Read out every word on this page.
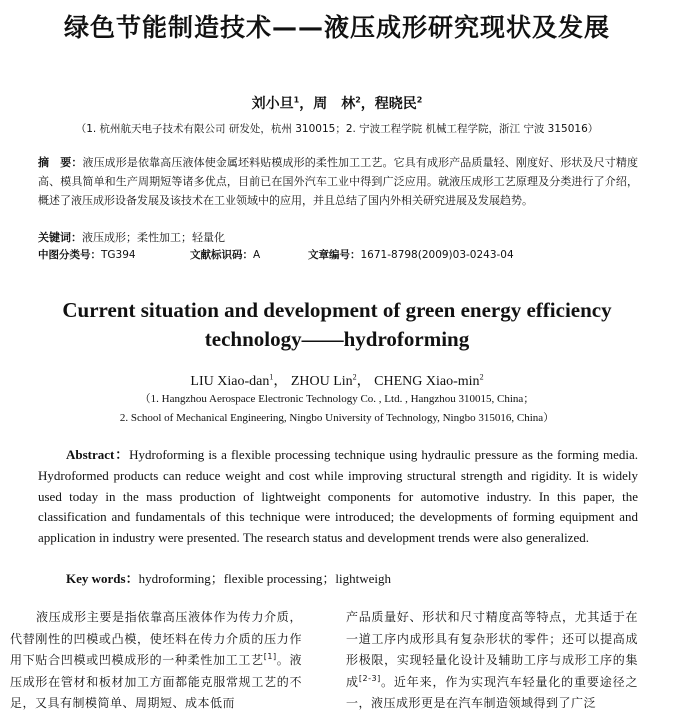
绿色节能制造技术——液压成形研究现状及发展
刘小旦$^1$，周　林$^2$，程晓民$^2$
（1. 杭州航天电子技术有限公司 研发处，杭州 310015；2. 宁波工程学院 机械工程学院，浙江 宁波 315016）
摘　要：液压成形是依靠高压液体使金属坯料贴模成形的柔性加工工艺。它具有成形产品质量轻、刚度好、形状及尺寸精度高、模具简单和生产周期短等诸多优点，目前已在国外汽车工业中得到广泛应用。就液压成形工艺原理及分类进行了介绍，概述了液压成形设备发展及该技术在工业领域中的应用，并且总结了国内外相关研究进展及发展趋势。
关键词：液压成形；柔性加工；轻量化
中图分类号：TG394	文献标识码：A	文章编号：1671-8798(2009)03-0243-04
Current situation and development of green energy efficiency
technology——hydroforming
LIU Xiao-dan$^1$， ZHOU Lin$^2$， CHENG Xiao-$\min^2$
（1. Hangzhou Aerospace Electronic Technology Co. , Ltd. , Hangzhou 310015, China；
2. School of Mechanical Engineering, Ningbo University of Technology, Ningbo 315016, China）
Abstract：Hydroforming is a flexible processing technique using hydraulic pressure as the forming media. Hydroformed products can reduce weight and cost while improving structural strength and rigidity. It is widely used today in the mass production of lightweight components for automotive industry. In this paper, the classification and fundamentals of this technique were introduced; the developments of forming equipment and application in industry were presented. The research status and development trends were also generalized.
Key words：hydroforming；flexible processing；lightweigh
液压成形主要是指依靠高压液体作为传力介质，代替刚性的凹模或凸模，使坯料在传力介质的压力作用下贴合凹模或凹模成形的一种柔性加工工艺[1]。液压成形在管材和板材加工方面都能克服常规工艺的不足，又具有制模简单、周期短、成本低而
产品质量好、形状和尺寸精度高等特点，尤其适于在一道工序内成形具有复杂形状的零件；还可以提高成形极限，实现轻量化设计及辅助工序与成形工序的集成[2-3]。近年来，作为实现汽车轻量化的重要途径之一，液压成形更是在汽车制造领域得到了广泛
